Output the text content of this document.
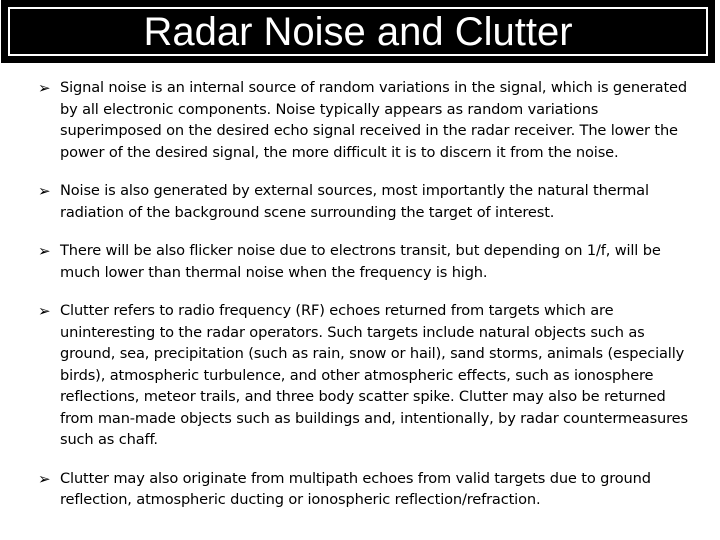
Radar Noise and Clutter
➢ Signal noise is an internal source of random variations in the signal, which is generated by all electronic components. Noise typically appears as random variations superimposed on the desired echo signal received in the radar receiver. The lower the power of the desired signal, the more difficult it is to discern it from the noise.
➢ Noise is also generated by external sources, most importantly the natural thermal radiation of the background scene surrounding the target of interest.
➢ There will be also flicker noise due to electrons transit, but depending on 1/f, will be much lower than thermal noise when the frequency is high.
➢ Clutter refers to radio frequency (RF) echoes returned from targets which are uninteresting to the radar operators. Such targets include natural objects such as ground, sea, precipitation (such as rain, snow or hail), sand storms, animals (especially birds), atmospheric turbulence, and other atmospheric effects, such as ionosphere reflections, meteor trails, and three body scatter spike. Clutter may also be returned from man-made objects such as buildings and, intentionally, by radar countermeasures such as chaff.
➢ Clutter may also originate from multipath echoes from valid targets due to ground reflection, atmospheric ducting or ionospheric reflection/refraction.
